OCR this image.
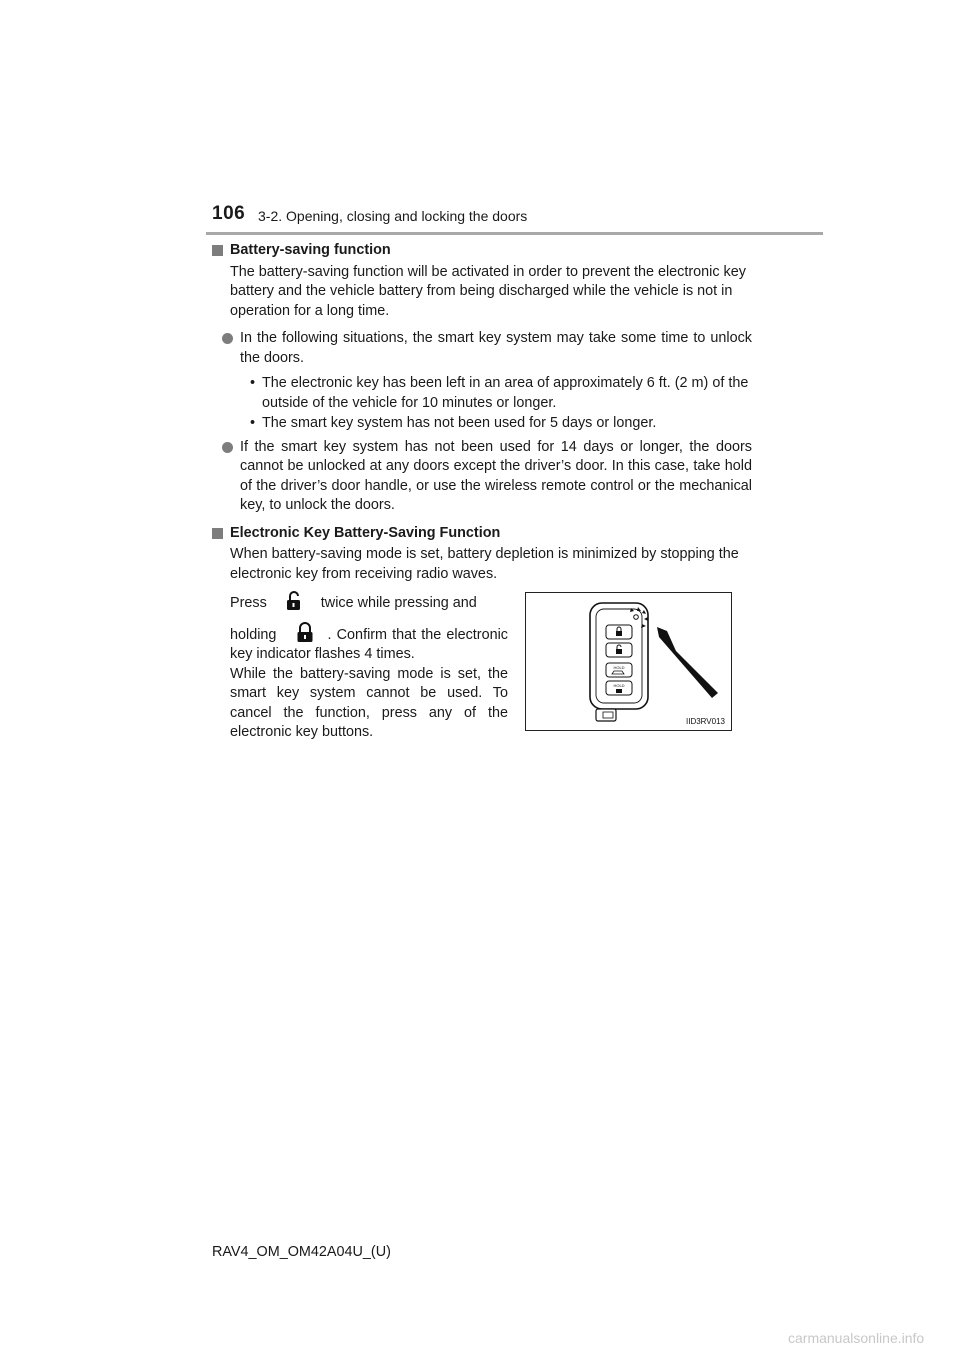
106 3-2. Opening, closing and locking the doors
Battery-saving function
The battery-saving function will be activated in order to prevent the electronic key battery and the vehicle battery from being discharged while the vehicle is not in operation for a long time.
In the following situations, the smart key system may take some time to unlock the doors.
• The electronic key has been left in an area of approximately 6 ft. (2 m) of the outside of the vehicle for 10 minutes or longer.
• The smart key system has not been used for 5 days or longer.
If the smart key system has not been used for 14 days or longer, the doors cannot be unlocked at any doors except the driver’s door. In this case, take hold of the driver’s door handle, or use the wireless remote control or the mechanical key, to unlock the doors.
Electronic Key Battery-Saving Function
When battery-saving mode is set, battery depletion is minimized by stopping the electronic key from receiving radio waves.
Press	twice while pressing and
holding	. Confirm that the electronic key indicator flashes 4 times.
While the battery-saving mode is set, the smart key system cannot be used. To cancel the function, press any of the electronic key buttons.
HOLD
HOLD
IID3RV013
RAV4_OM_OM42A04U_(U)
carmanualsonline.info
